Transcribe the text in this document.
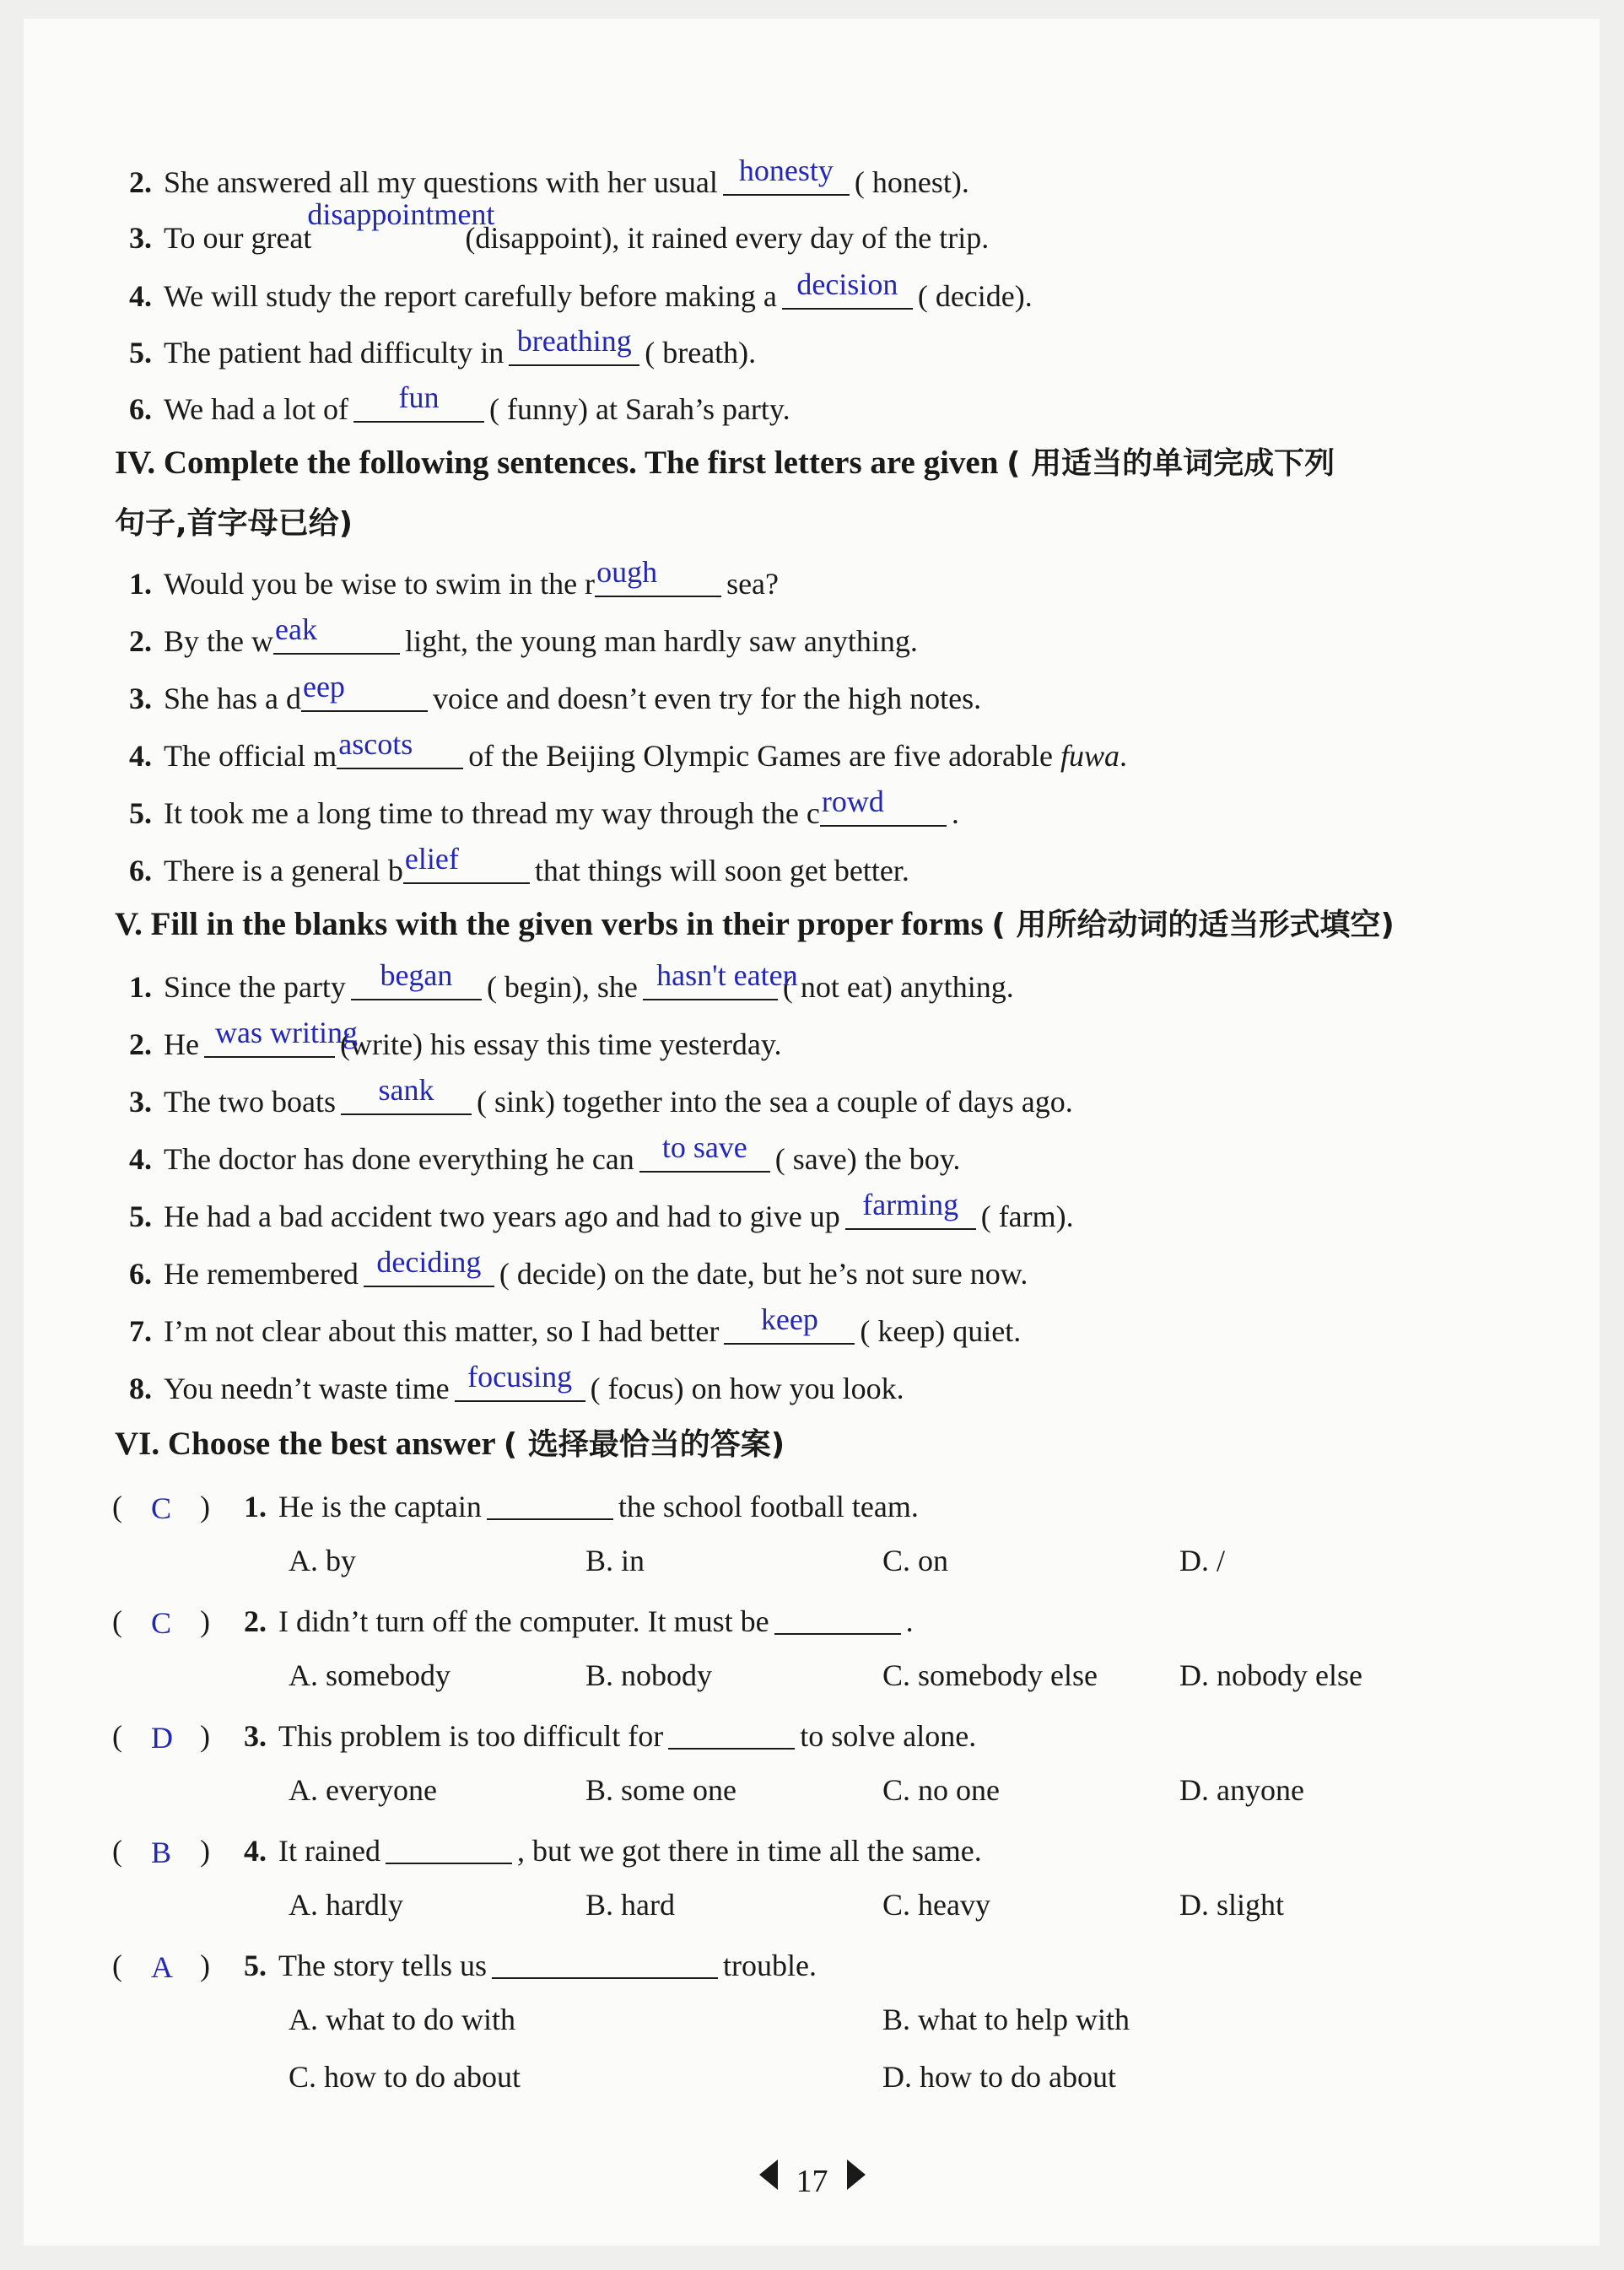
2. She answered all my questions with her usual honesty ( honest).
3. To our great
disappointment
(disappoint), it rained every day of the trip.
4. We will study the report carefully before making a decision ( decide).
5. The patient had difficulty in breathing ( breath).
6. We had a lot of	fun	( funny) at Sarah’s party.
IV. Complete the following sentences. The first letters are given ( 用适当的单词完成下列
句子,首字母已给)
1. Would you be wise to swim in the r ough sea?
2. By the w eak	light, the young man hardly saw anything.
3. She has a d eep	voice and doesn’t even try for the high notes.
4. The official m ascots of the Beijing Olympic Games are five adorable fuwa.
5. It took me a long time to thread my way through the c rowd .
6. There is a general b elief	that things will soon get better.
V. Fill in the blanks with the given verbs in their proper forms ( 用所给动词的适当形式填空)
1. Since the party	began	( begin), she hasn't eaten
( not eat) anything.
2. He was writing
(write) his essay this time yesterday.
3. The two boats	sank	( sink) together into the sea a couple of days ago.
4. The doctor has done everything he can to save ( save) the boy.
5. He had a bad accident two years ago and had to give up farming ( farm).
6. He remembered deciding ( decide) on the date, but he’s not sure now.
7. I’m not clear about this matter, so I had better	keep	( keep) quiet.
8. You needn’t waste time focusing ( focus) on how you look.
VI. Choose the best answer ( 选择最恰当的答案)
( C ) 1. He is the captain	the school football team.
A. by	B. in	C. on	D. /
( C ) 2. I didn’t turn off the computer. It must be	.
A. somebody	B. nobody	C. somebody else	D. nobody else
( D ) 3. This problem is too difficult for	to solve alone.
A. everyone	B. some one	C. no one	D. anyone
( B ) 4. It rained	, but we got there in time all the same.
A. hardly	B. hard	C. heavy	D. slight
( A ) 5. The story tells us	trouble.
A. what to do with	B. what to help with
C. how to do about	D. how to do about
17
